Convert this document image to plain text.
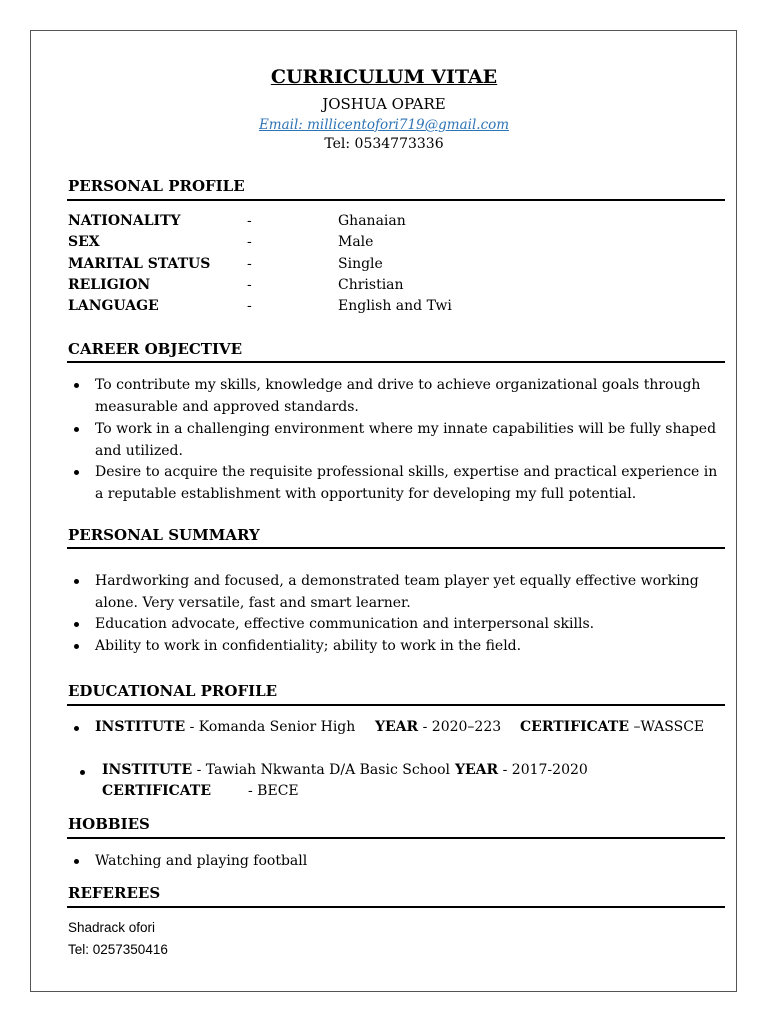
CURRICULUM VITAE
JOSHUA OPARE
Email: millicentofori719@gmail.com
Tel: 0534773336
PERSONAL PROFILE
NATIONALITY	-	Ghanaian
SEX	-	Male
MARITAL STATUS	-	Single
RELIGION	-	Christian
LANGUAGE	-	English and Twi
CAREER OBJECTIVE
To contribute my skills, knowledge and drive to achieve organizational goals through measurable and approved standards.
To work in a challenging environment where my innate capabilities will be fully shaped and utilized.
Desire to acquire the requisite professional skills, expertise and practical experience in a reputable establishment with opportunity for developing my full potential.
PERSONAL SUMMARY
Hardworking and focused, a demonstrated team player yet equally effective working alone. Very versatile, fast and smart learner.
Education advocate, effective communication and interpersonal skills.
Ability to work in confidentiality; ability to work in the field.
EDUCATIONAL PROFILE
INSTITUTE - Komanda Senior High YEAR - 2020–223 CERTIFICATE –WASSCE
INSTITUTE - Tawiah Nkwanta D/A Basic School YEAR - 2017-2020
CERTIFICATE	- BECE
HOBBIES
Watching and playing football
REFEREES
Shadrack ofori
Tel: 0257350416
